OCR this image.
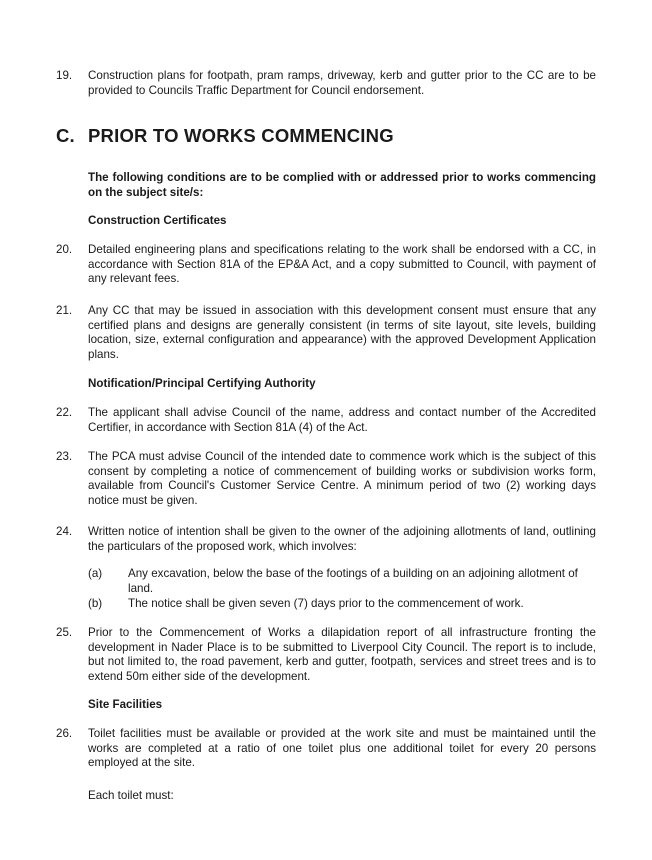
19.	Construction plans for footpath, pram ramps, driveway, kerb and gutter prior to the CC are to be provided to Councils Traffic Department for Council endorsement.
C. PRIOR TO WORKS COMMENCING
The following conditions are to be complied with or addressed prior to works commencing on the subject site/s:
Construction Certificates
20.	Detailed engineering plans and specifications relating to the work shall be endorsed with a CC, in accordance with Section 81A of the EP&A Act, and a copy submitted to Council, with payment of any relevant fees.
21.	Any CC that may be issued in association with this development consent must ensure that any certified plans and designs are generally consistent (in terms of site layout, site levels, building location, size, external configuration and appearance) with the approved Development Application plans.
Notification/Principal Certifying Authority
22.	The applicant shall advise Council of the name, address and contact number of the Accredited Certifier, in accordance with Section 81A (4) of the Act.
23.	The PCA must advise Council of the intended date to commence work which is the subject of this consent by completing a notice of commencement of building works or subdivision works form, available from Council's Customer Service Centre. A minimum period of two (2) working days notice must be given.
24.	Written notice of intention shall be given to the owner of the adjoining allotments of land, outlining the particulars of the proposed work, which involves:
(a) Any excavation, below the base of the footings of a building on an adjoining allotment of land.
(b) The notice shall be given seven (7) days prior to the commencement of work.
25.	Prior to the Commencement of Works a dilapidation report of all infrastructure fronting the development in Nader Place is to be submitted to Liverpool City Council. The report is to include, but not limited to, the road pavement, kerb and gutter, footpath, services and street trees and is to extend 50m either side of the development.
Site Facilities
26.	Toilet facilities must be available or provided at the work site and must be maintained until the works are completed at a ratio of one toilet plus one additional toilet for every 20 persons employed at the site.
Each toilet must:
